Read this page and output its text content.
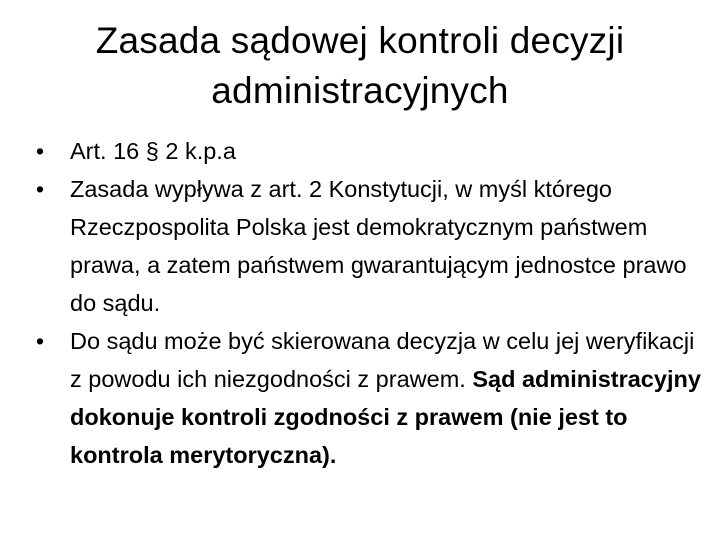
Zasada sądowej kontroli decyzji
administracyjnych
• Art. 16 § 2 k.p.a
• Zasada wypływa z art. 2 Konstytucji, w myśl którego Rzeczpospolita Polska jest demokratycznym państwem prawa, a zatem państwem gwarantującym jednostce prawo do sądu.
• Do sądu może być skierowana decyzja w celu jej weryfikacji z powodu ich niezgodności z prawem. Sąd administracyjny dokonuje kontroli zgodności z prawem (nie jest to kontrola merytoryczna).
